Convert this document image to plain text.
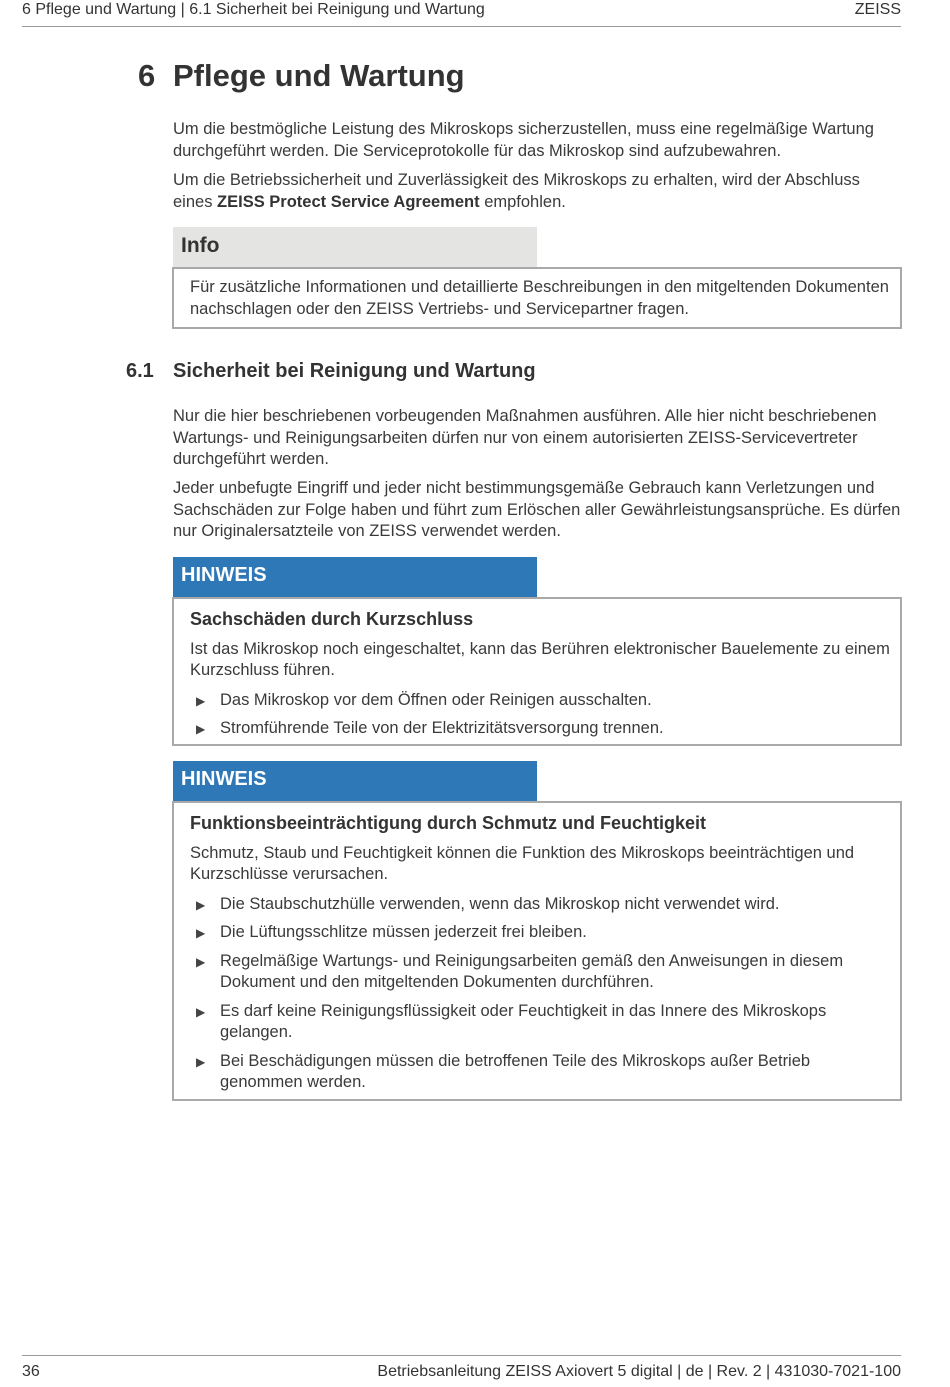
6 Pflege und Wartung | 6.1 Sicherheit bei Reinigung und Wartung	ZEISS
6 Pflege und Wartung

Um die bestmögliche Leistung des Mikroskops sicherzustellen, muss eine regelmäßige Wartung durchgeführt werden. Die Serviceprotokolle für das Mikroskop sind aufzubewahren.

Um die Betriebssicherheit und Zuverlässigkeit des Mikroskops zu erhalten, wird der Abschluss eines ZEISS Protect Service Agreement empfohlen.

Info

Für zusätzliche Informationen und detaillierte Beschreibungen in den mitgeltenden Dokumenten nachschlagen oder den ZEISS Vertriebs- und Servicepartner fragen.

6.1 Sicherheit bei Reinigung und Wartung

Nur die hier beschriebenen vorbeugenden Maßnahmen ausführen. Alle hier nicht beschriebenen Wartungs- und Reinigungsarbeiten dürfen nur von einem autorisierten ZEISS-Servicevertreter durchgeführt werden.

Jeder unbefugte Eingriff und jeder nicht bestimmungsgemäße Gebrauch kann Verletzungen und Sachschäden zur Folge haben und führt zum Erlöschen aller Gewährleistungsansprüche. Es dürfen nur Originalersatzteile von ZEISS verwendet werden.

HINWEIS
Sachschäden durch Kurzschluss

Ist das Mikroskop noch eingeschaltet, kann das Berühren elektronischer Bauelemente zu einem Kurzschluss führen.

▶ Das Mikroskop vor dem Öffnen oder Reinigen ausschalten.
▶ Stromführende Teile von der Elektrizitätsversorgung trennen.
HINWEIS
Funktionsbeeinträchtigung durch Schmutz und Feuchtigkeit

Schmutz, Staub und Feuchtigkeit können die Funktion des Mikroskops beeinträchtigen und Kurzschlüsse verursachen.

▶ Die Staubschutzhülle verwenden, wenn das Mikroskop nicht verwendet wird.
▶ Die Lüftungsschlitze müssen jederzeit frei bleiben.
▶ Regelmäßige Wartungs- und Reinigungsarbeiten gemäß den Anweisungen in diesem Dokument und den mitgeltenden Dokumenten durchführen.
▶ Es darf keine Reinigungsflüssigkeit oder Feuchtigkeit in das Innere des Mikroskops gelangen.
▶ Bei Beschädigungen müssen die betroffenen Teile des Mikroskops außer Betrieb genommen werden.
36	Betriebsanleitung ZEISS Axiovert 5 digital | de | Rev. 2 | 431030-7021-100
